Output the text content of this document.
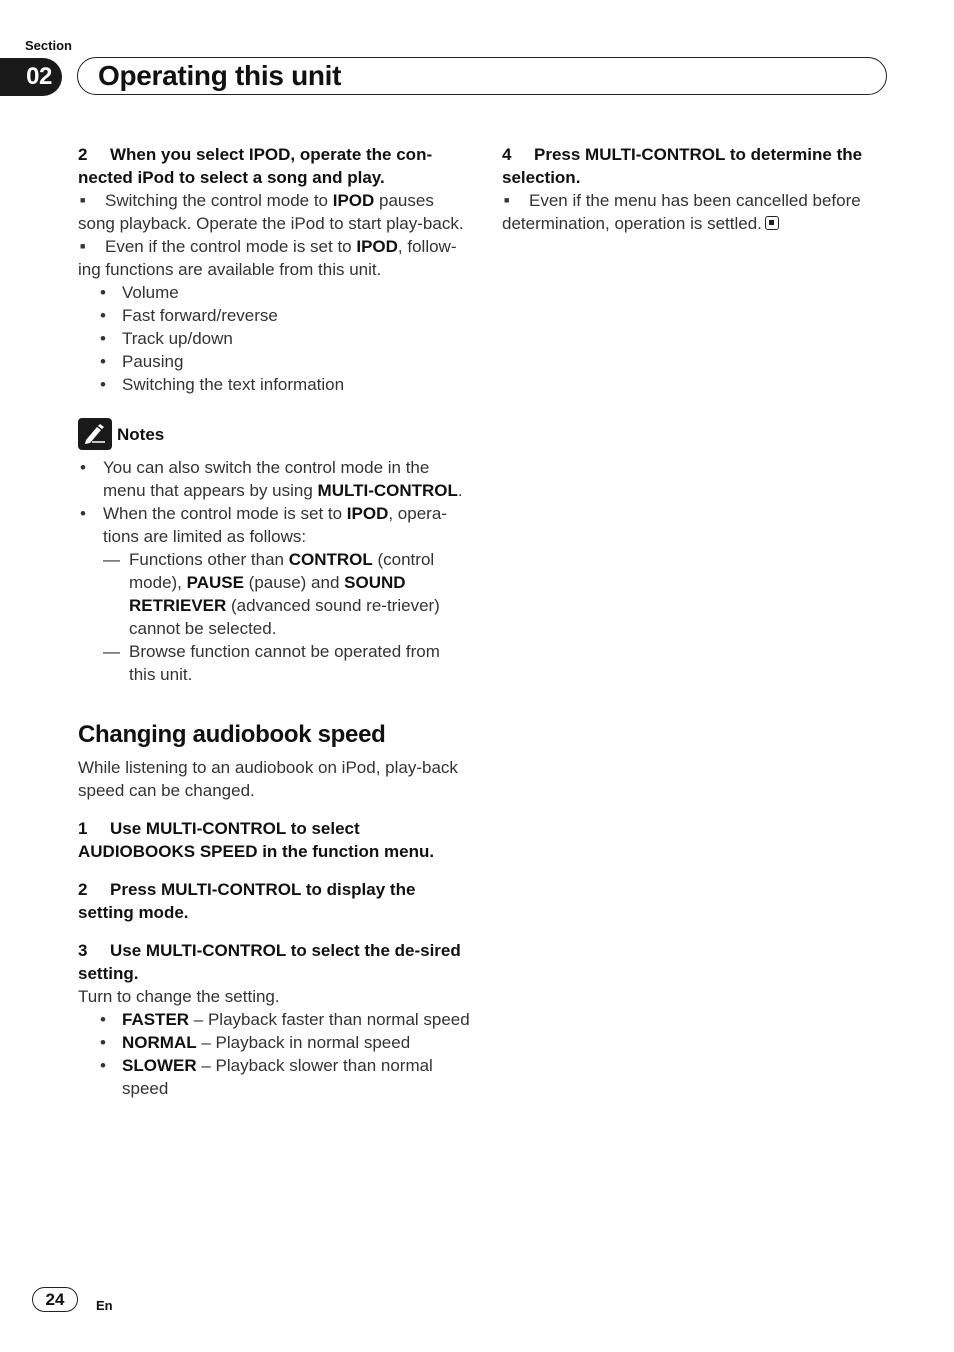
Section
02	Operating this unit

2 When you select IPOD, operate the con-nected iPod to select a song and play.

■ Switching the control mode to IPOD pauses song playback. Operate the iPod to start play-back.

■ Even if the control mode is set to IPOD, follow-ing functions are available from this unit.

• Volume
• Fast forward/reverse
• Track up/down
• Pausing
• Switching the text information
Notes
• You can also switch the control mode in the menu that appears by using MULTI-CONTROL.
• When the control mode is set to IPOD, opera-tions are limited as follows:
— Functions other than CONTROL (control mode), PAUSE (pause) and SOUND RETRIEVER (advanced sound re-triever) cannot be selected.
— Browse function cannot be operated from this unit.
Changing audiobook speed

While listening to an audiobook on iPod, play-back speed can be changed.

1 Use MULTI-CONTROL to select AUDIOBOOKS SPEED in the function menu.

2 Press MULTI-CONTROL to display the setting mode.

3 Use MULTI-CONTROL to select the de-sired setting.

Turn to change the setting.

• FASTER – Playback faster than normal speed
• NORMAL – Playback in normal speed
• SLOWER – Playback slower than normal speed

4 Press MULTI-CONTROL to determine the selection.

■ Even if the menu has been cancelled before determination, operation is settled.

24	En
